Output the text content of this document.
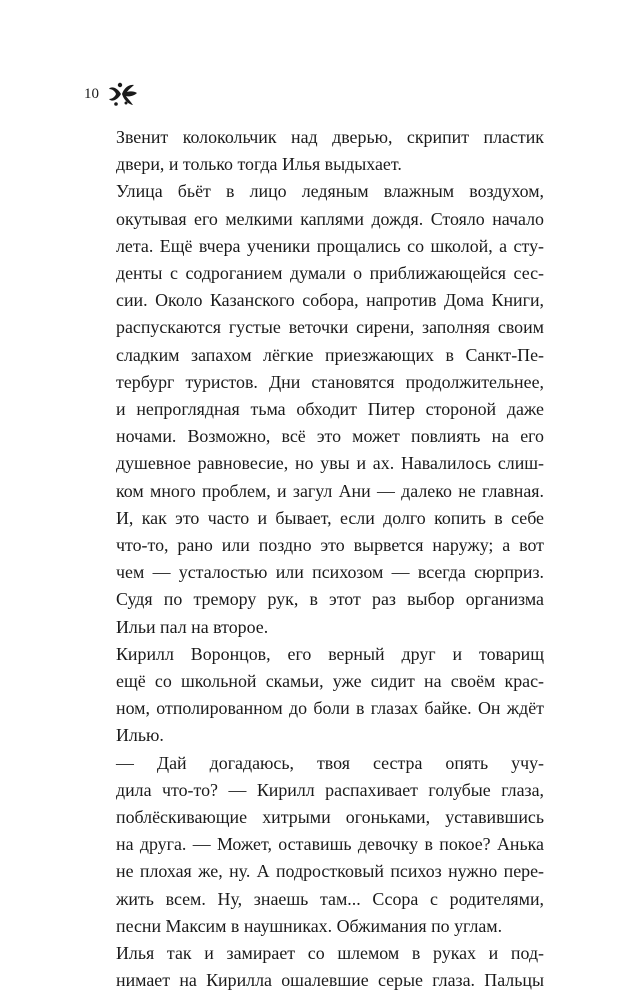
10

Звенит колокольчик над дверью, скрипит пластик
двери, и только тогда Илья выдыхает.

Улица бьёт в лицо ледяным влажным воздухом,
окутывая его мелкими каплями дождя. Стояло начало
лета. Ещё вчера ученики прощались со школой, а сту-
денты с содроганием думали о приближающейся сес-
сии. Около Казанского собора, напротив Дома Книги,
распускаются густые веточки сирени, заполняя своим
сладким запахом лёгкие приезжающих в Санкт-Пе-
тербург туристов. Дни становятся продолжительнее,
и непроглядная тьма обходит Питер стороной даже
ночами. Возможно, всё это может повлиять на его
душевное равновесие, но увы и ах. Навалилось слиш-
ком много проблем, и загул Ани — далеко не главная.
И, как это часто и бывает, если долго копить в себе
что-то, рано или поздно это вырвется наружу; а вот
чем — усталостью или психозом — всегда сюрприз.
Судя по тремору рук, в этот раз выбор организма
Ильи пал на второе.

Кирилл Воронцов, его верный друг и товарищ
ещё со школьной скамьи, уже сидит на своём крас-
ном, отполированном до боли в глазах байке. Он ждёт
Илью.

— Дай догадаюсь, твоя сестра опять учу-
дила что-то? — Кирилл распахивает голубые глаза,
поблёскивающие хитрыми огоньками, уставившись
на друга. — Может, оставишь девочку в покое? Анька
не плохая же, ну. А подростковый психоз нужно пере-
жить всем. Ну, знаешь там... Ссора с родителями,
песни Максим в наушниках. Обжимания по углам.

Илья так и замирает со шлемом в руках и под-
нимает на Кирилла ошалевшие серые глаза. Пальцы
